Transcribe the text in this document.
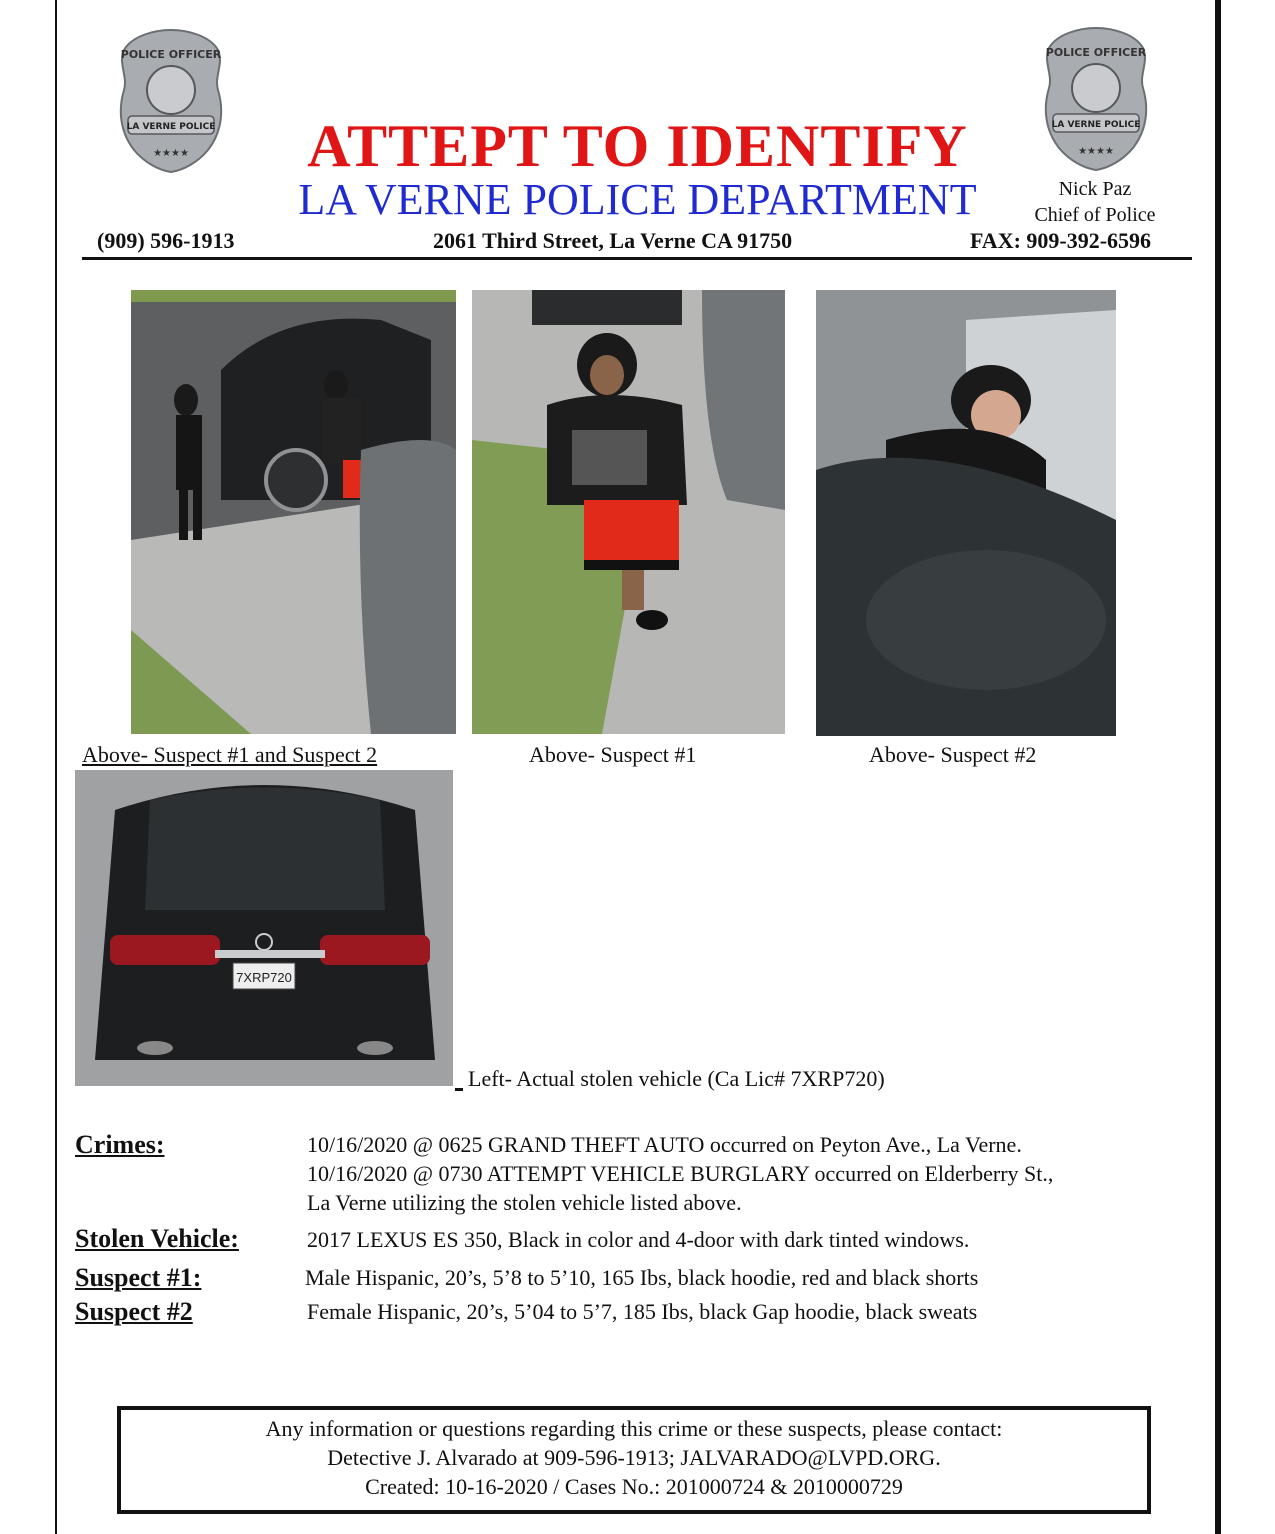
POLICE OFFICER
LA VERNE POLICE
★★★★
POLICE OFFICER
LA VERNE POLICE
★★★★
ATTEPT TO IDENTIFY
LA VERNE POLICE DEPARTMENT	Nick Paz
Chief of Police
(909) 596-1913	2061 Third Street, La Verne CA 91750	FAX: 909-392-6596
Above- Suspect #1 and Suspect 2	Above- Suspect #1	Above- Suspect #2
7XRP720
Left- Actual stolen vehicle (Ca Lic# 7XRP720)
Crimes:	10/16/2020 @ 0625 GRAND THEFT AUTO occurred on Peyton Ave., La Verne.
10/16/2020 @ 0730 ATTEMPT VEHICLE BURGLARY occurred on Elderberry St.,
La Verne utilizing the stolen vehicle listed above.
Stolen Vehicle:	2017 LEXUS ES 350, Black in color and 4-door with dark tinted windows.
Suspect #1:	Male Hispanic, 20’s, 5’8 to 5’10, 165 Ibs, black hoodie, red and black shorts
Suspect #2	Female Hispanic, 20’s, 5’04 to 5’7, 185 Ibs, black Gap hoodie, black sweats
Any information or questions regarding this crime or these suspects, please contact:
Detective J. Alvarado at 909-596-1913; JALVARADO@LVPD.ORG.
Created: 10-16-2020 / Cases No.: 201000724 & 2010000729
